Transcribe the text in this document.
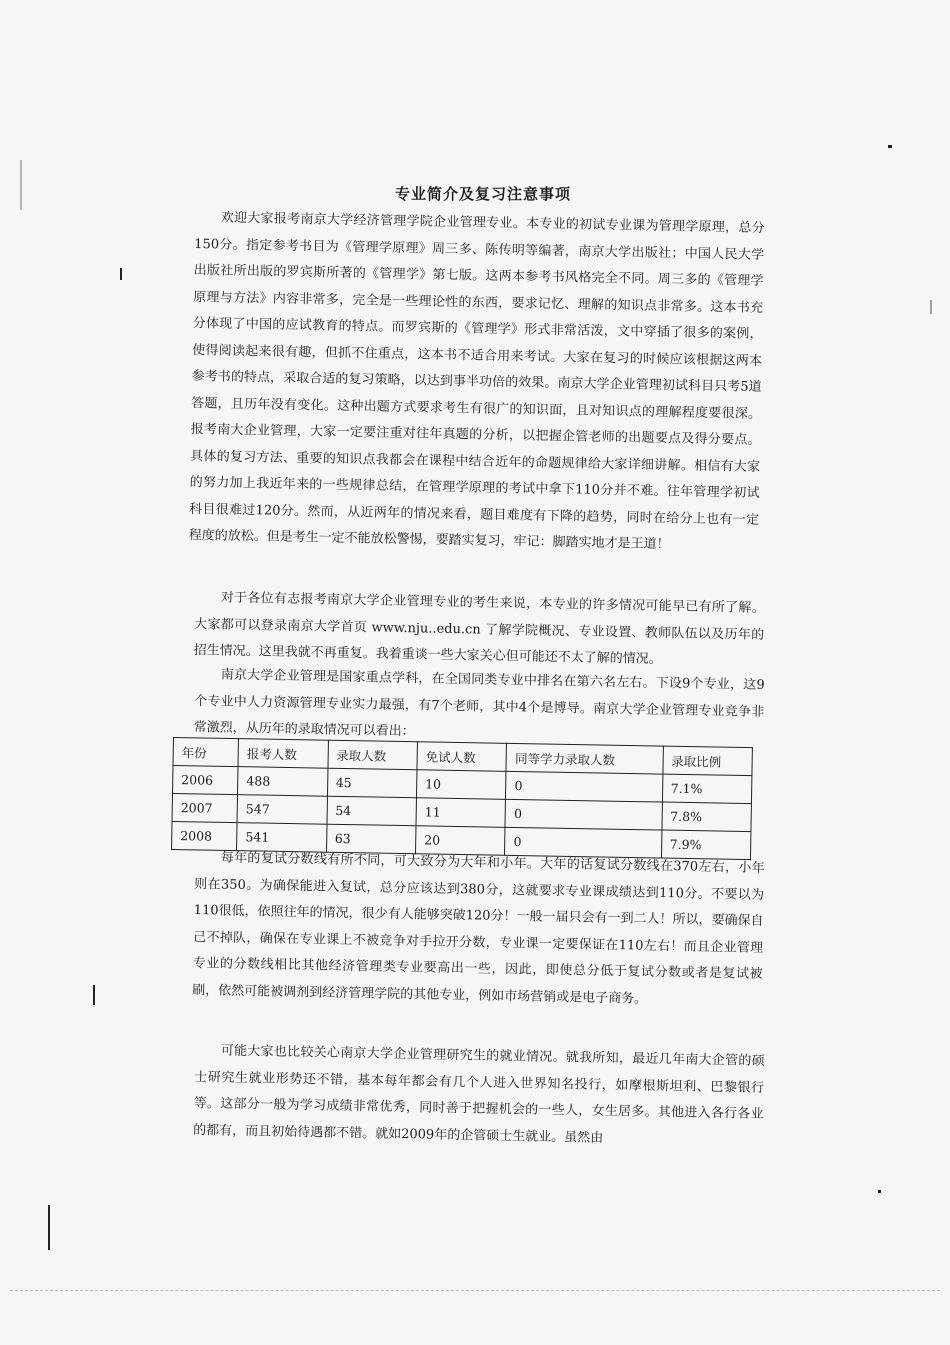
专业简介及复习注意事项

欢迎大家报考南京大学经济管理学院企业管理专业。本专业的初试专业课为管理学原理，总分150分。指定参考书目为《管理学原理》周三多、陈传明等编著，南京大学出版社；中国人民大学出版社所出版的罗宾斯所著的《管理学》第七版。这两本参考书风格完全不同。周三多的《管理学原理与方法》内容非常多，完全是一些理论性的东西，要求记忆、理解的知识点非常多。这本书充分体现了中国的应试教育的特点。而罗宾斯的《管理学》形式非常活泼，文中穿插了很多的案例，使得阅读起来很有趣，但抓不住重点，这本书不适合用来考试。大家在复习的时候应该根据这两本参考书的特点，采取合适的复习策略，以达到事半功倍的效果。南京大学企业管理初试科目只考5道答题，且历年没有变化。这种出题方式要求考生有很广的知识面，且对知识点的理解程度要很深。报考南大企业管理，大家一定要注重对往年真题的分析，以把握企管老师的出题要点及得分要点。具体的复习方法、重要的知识点我都会在课程中结合近年的命题规律给大家详细讲解。相信有大家的努力加上我近年来的一些规律总结，在管理学原理的考试中拿下110分并不难。往年管理学初试科目很难过120分。然而，从近两年的情况来看，题目难度有下降的趋势，同时在给分上也有一定程度的放松。但是考生一定不能放松警惕，要踏实复习，牢记：脚踏实地才是王道！

对于各位有志报考南京大学企业管理专业的考生来说，本专业的许多情况可能早已有所了解。大家都可以登录南京大学首页 www.nju..edu.cn 了解学院概况、专业设置、教师队伍以及历年的招生情况。这里我就不再重复。我着重谈一些大家关心但可能还不太了解的情况。

南京大学企业管理是国家重点学科，在全国同类专业中排名在第六名左右。下设9个专业，这9个专业中人力资源管理专业实力最强，有7个老师，其中4个是博导。南京大学企业管理专业竞争非常激烈，从历年的录取情况可以看出：

年份	报考人数	录取人数	免试人数	同等学力录取人数	录取比例
2006	488	45	10	0	7.1%
2007	547	54	11	0	7.8%
2008	541	63	20	0	7.9%

每年的复试分数线有所不同，可大致分为大年和小年。大年的话复试分数线在370左右，小年则在350。为确保能进入复试，总分应该达到380分，这就要求专业课成绩达到110分。不要以为110很低，依照往年的情况，很少有人能够突破120分！一般一届只会有一到二人！所以，要确保自己不掉队，确保在专业课上不被竞争对手拉开分数，专业课一定要保证在110左右！而且企业管理专业的分数线相比其他经济管理类专业要高出一些，因此，即使总分低于复试分数或者是复试被刷，依然可能被调剂到经济管理学院的其他专业，例如市场营销或是电子商务。

可能大家也比较关心南京大学企业管理研究生的就业情况。就我所知，最近几年南大企管的硕士研究生就业形势还不错，基本每年都会有几个人进入世界知名投行，如摩根斯坦利、巴黎银行等。这部分一般为学习成绩非常优秀，同时善于把握机会的一些人，女生居多。其他进入各行各业的都有，而且初始待遇都不错。就如2009年的企管硕士生就业。虽然由
